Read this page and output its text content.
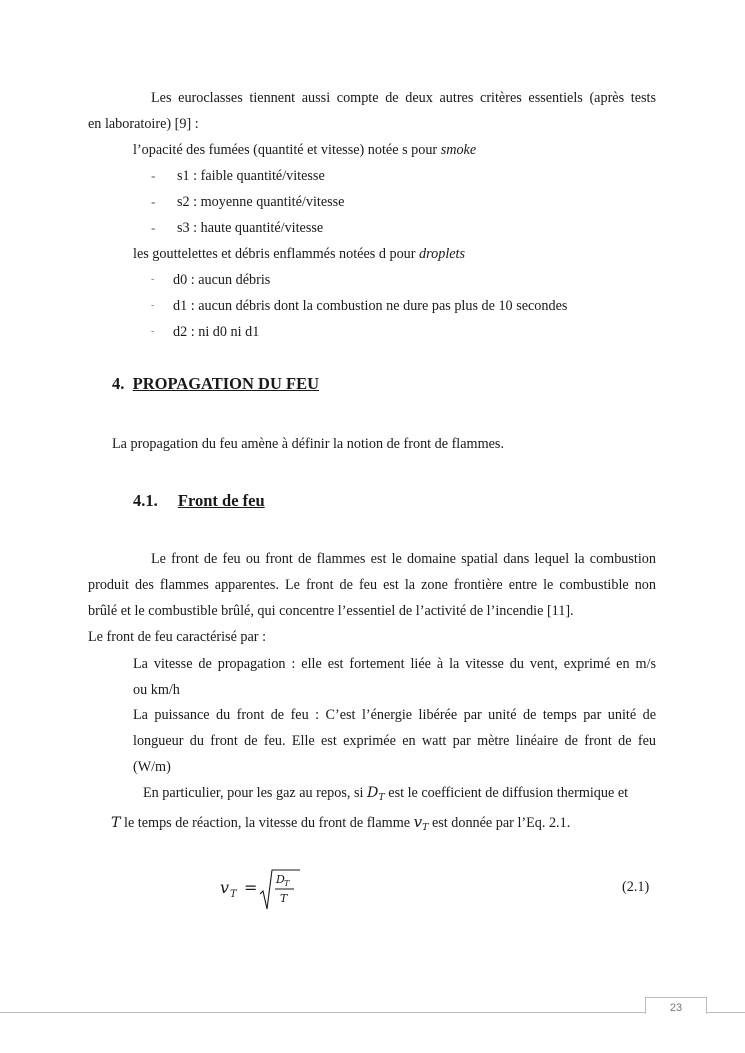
Les euroclasses tiennent aussi compte de deux autres critères essentiels (après tests
en laboratoire) [9] :
l’opacité des fumées (quantité et vitesse) notée s pour smoke
- s1 : faible quantité/vitesse
- s2 : moyenne quantité/vitesse
- s3 : haute quantité/vitesse
les gouttelettes et débris enflammés notées d pour droplets
- d0 : aucun débris
- d1 : aucun débris dont la combustion ne dure pas plus de 10 secondes
- d2 : ni d0 ni d1
4. PROPAGATION DU FEU
La propagation du feu amène à définir la notion de front de flammes.
4.1. Front de feu
Le front de feu ou front de flammes est le domaine spatial dans lequel la combustion
produit des flammes apparentes. Le front de feu est la zone frontière entre le combustible non
brûlé et le combustible brûlé, qui concentre l’essentiel de l’activité de l’incendie [11].
Le front de feu caractérisé par :
La vitesse de propagation : elle est fortement liée à la vitesse du vent, exprimé en m/s
ou km/h
La puissance du front de feu : C’est l’énergie libérée par unité de temps par unité de
longueur du front de feu. Elle est exprimée en watt par mètre linéaire de front de feu
(W/m)
En particulier, pour les gaz au repos, si $D_T$ est le coefficient de diffusion thermique et
T le temps de réaction, la vitesse du front de flamme $v_T$ est donnée par l’Eq. 2.1.
v T = D T
T
(2.1)
23
